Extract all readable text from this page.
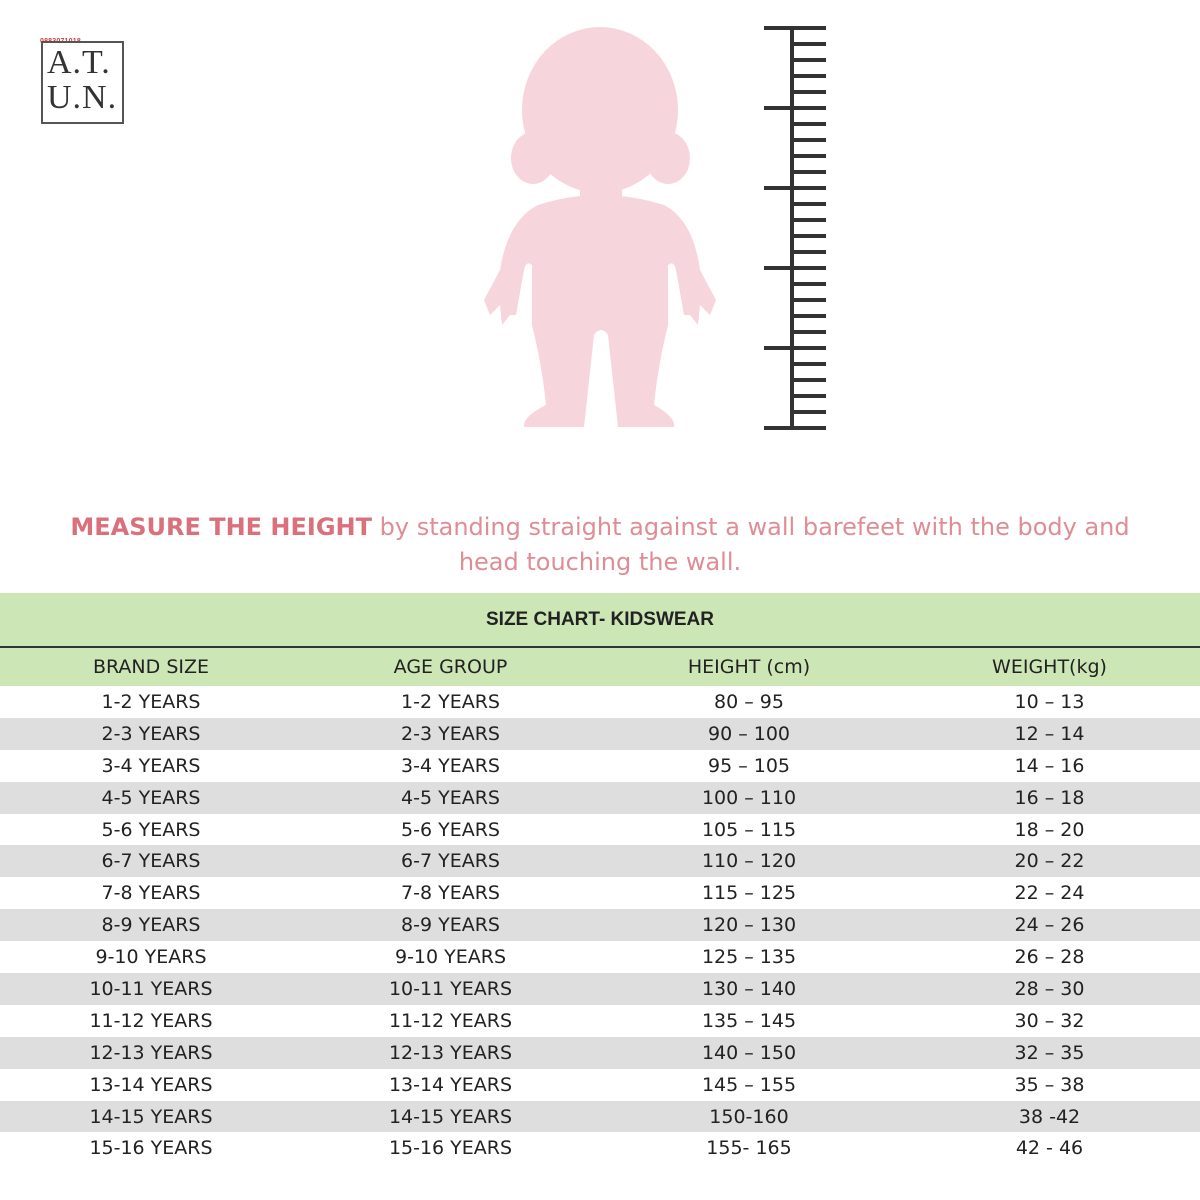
0883071018
A.T.
U.N.
MEASURE THE HEIGHT by standing straight against a wall barefeet with the body and head touching the wall.
SIZE CHART- KIDSWEAR
BRAND SIZE	AGE GROUP	HEIGHT (cm)	WEIGHT(kg)
1-2 YEARS	1-2 YEARS	80 – 95	10 – 13
2-3 YEARS	2-3 YEARS	90 – 100	12 – 14
3-4 YEARS	3-4 YEARS	95 – 105	14 – 16
4-5 YEARS	4-5 YEARS	100 – 110	16 – 18
5-6 YEARS	5-6 YEARS	105 – 115	18 – 20
6-7 YEARS	6-7 YEARS	110 – 120	20 – 22
7-8 YEARS	7-8 YEARS	115 – 125	22 – 24
8-9 YEARS	8-9 YEARS	120 – 130	24 – 26
9-10 YEARS	9-10 YEARS	125 – 135	26 – 28
10-11 YEARS	10-11 YEARS	130 – 140	28 – 30
11-12 YEARS	11-12 YEARS	135 – 145	30 – 32
12-13 YEARS	12-13 YEARS	140 – 150	32 – 35
13-14 YEARS	13-14 YEARS	145 – 155	35 – 38
14-15 YEARS	14-15 YEARS	150-160	38 -42
15-16 YEARS	15-16 YEARS	155- 165	42 - 46
